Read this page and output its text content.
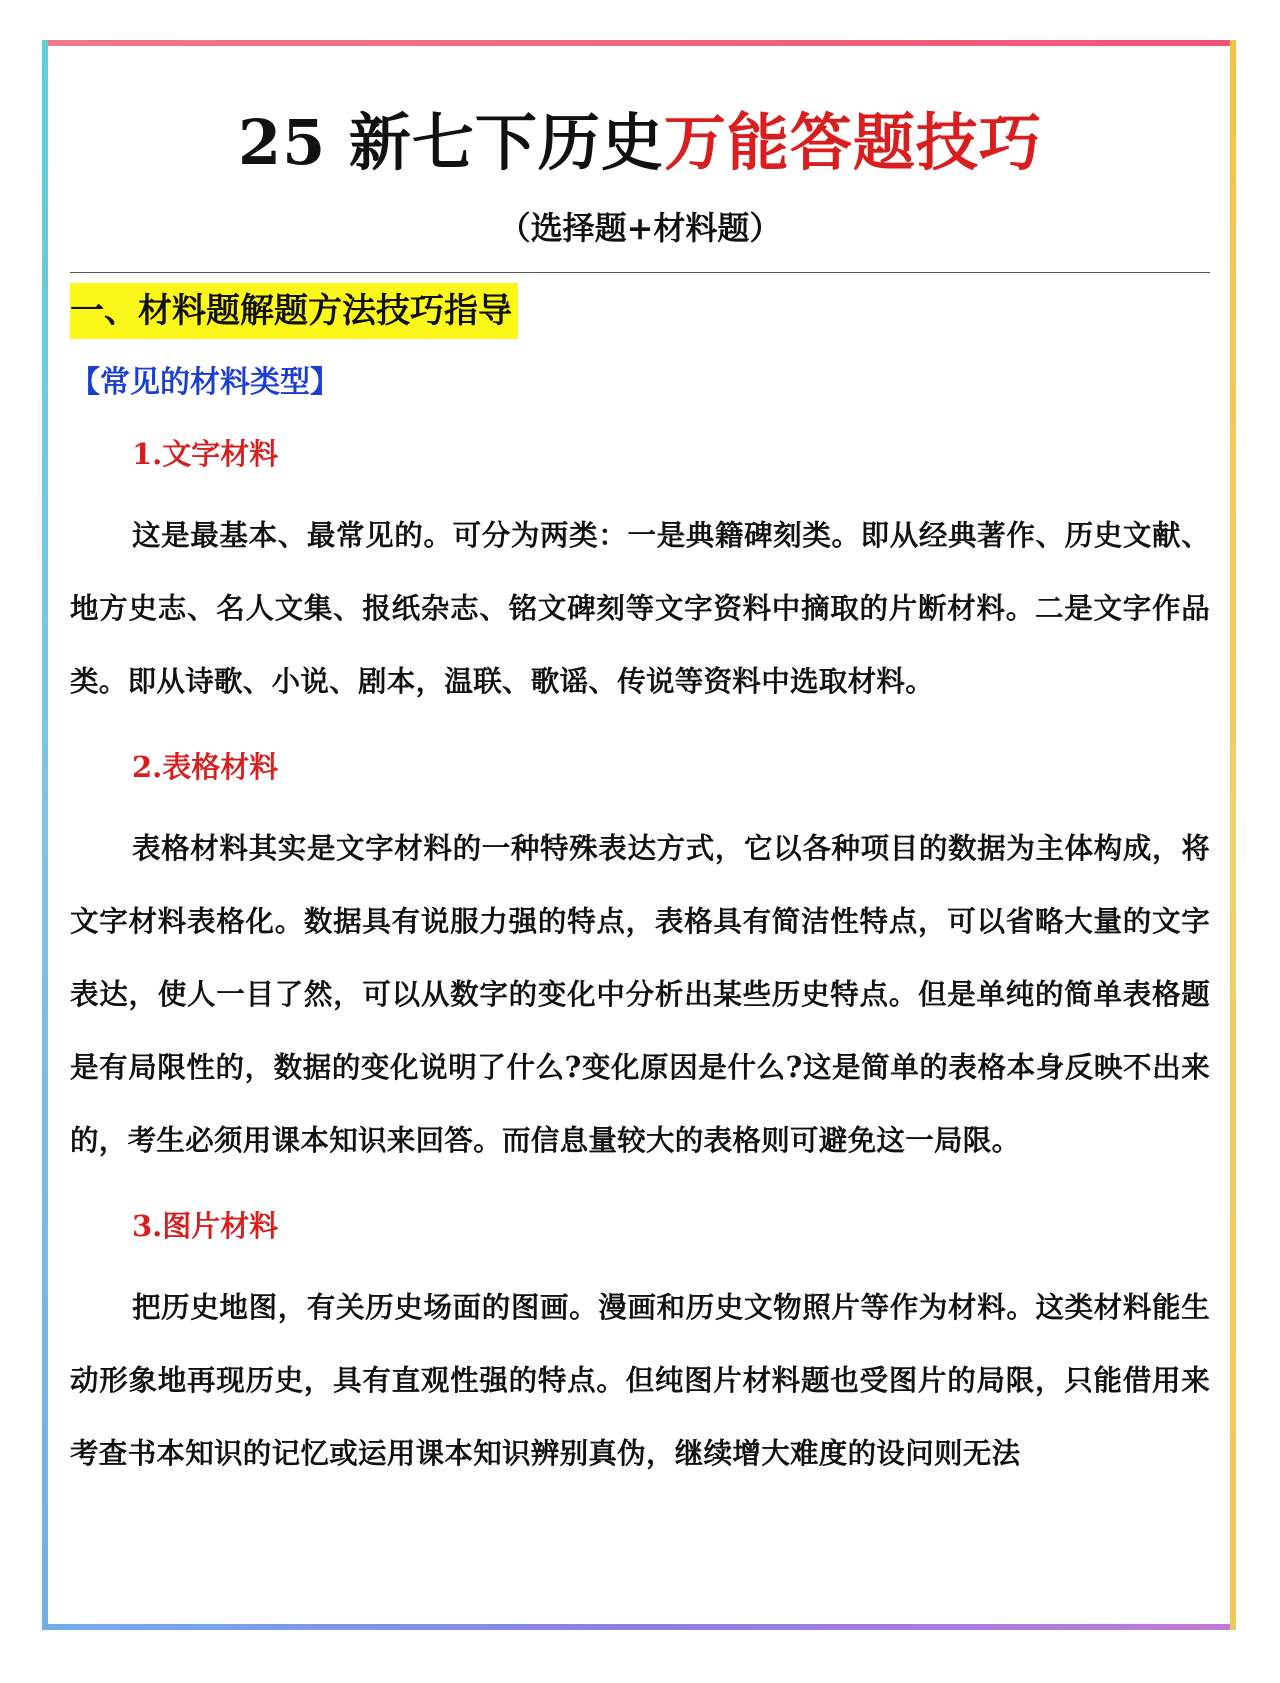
25 新七下历史万能答题技巧
（选择题+材料题）
一、材料题解题方法技巧指导
【常见的材料类型】
1.文字材料
这是最基本、最常见的。可分为两类：一是典籍碑刻类。即从经典著作、历史文献、地方史志、名人文集、报纸杂志、铭文碑刻等文字资料中摘取的片断材料。二是文字作品类。即从诗歌、小说、剧本，温联、歌谣、传说等资料中选取材料。
2.表格材料
表格材料其实是文字材料的一种特殊表达方式，它以各种项目的数据为主体构成，将文字材料表格化。数据具有说服力强的特点，表格具有简洁性特点，可以省略大量的文字表达，使人一目了然，可以从数字的变化中分析出某些历史特点。但是单纯的简单表格题是有局限性的，数据的变化说明了什么?变化原因是什么?这是简单的表格本身反映不出来的，考生必须用课本知识来回答。而信息量较大的表格则可避免这一局限。
3.图片材料
把历史地图，有关历史场面的图画。漫画和历史文物照片等作为材料。这类材料能生动形象地再现历史，具有直观性强的特点。但纯图片材料题也受图片的局限，只能借用来考查书本知识的记忆或运用课本知识辨别真伪，继续增大难度的设问则无法
